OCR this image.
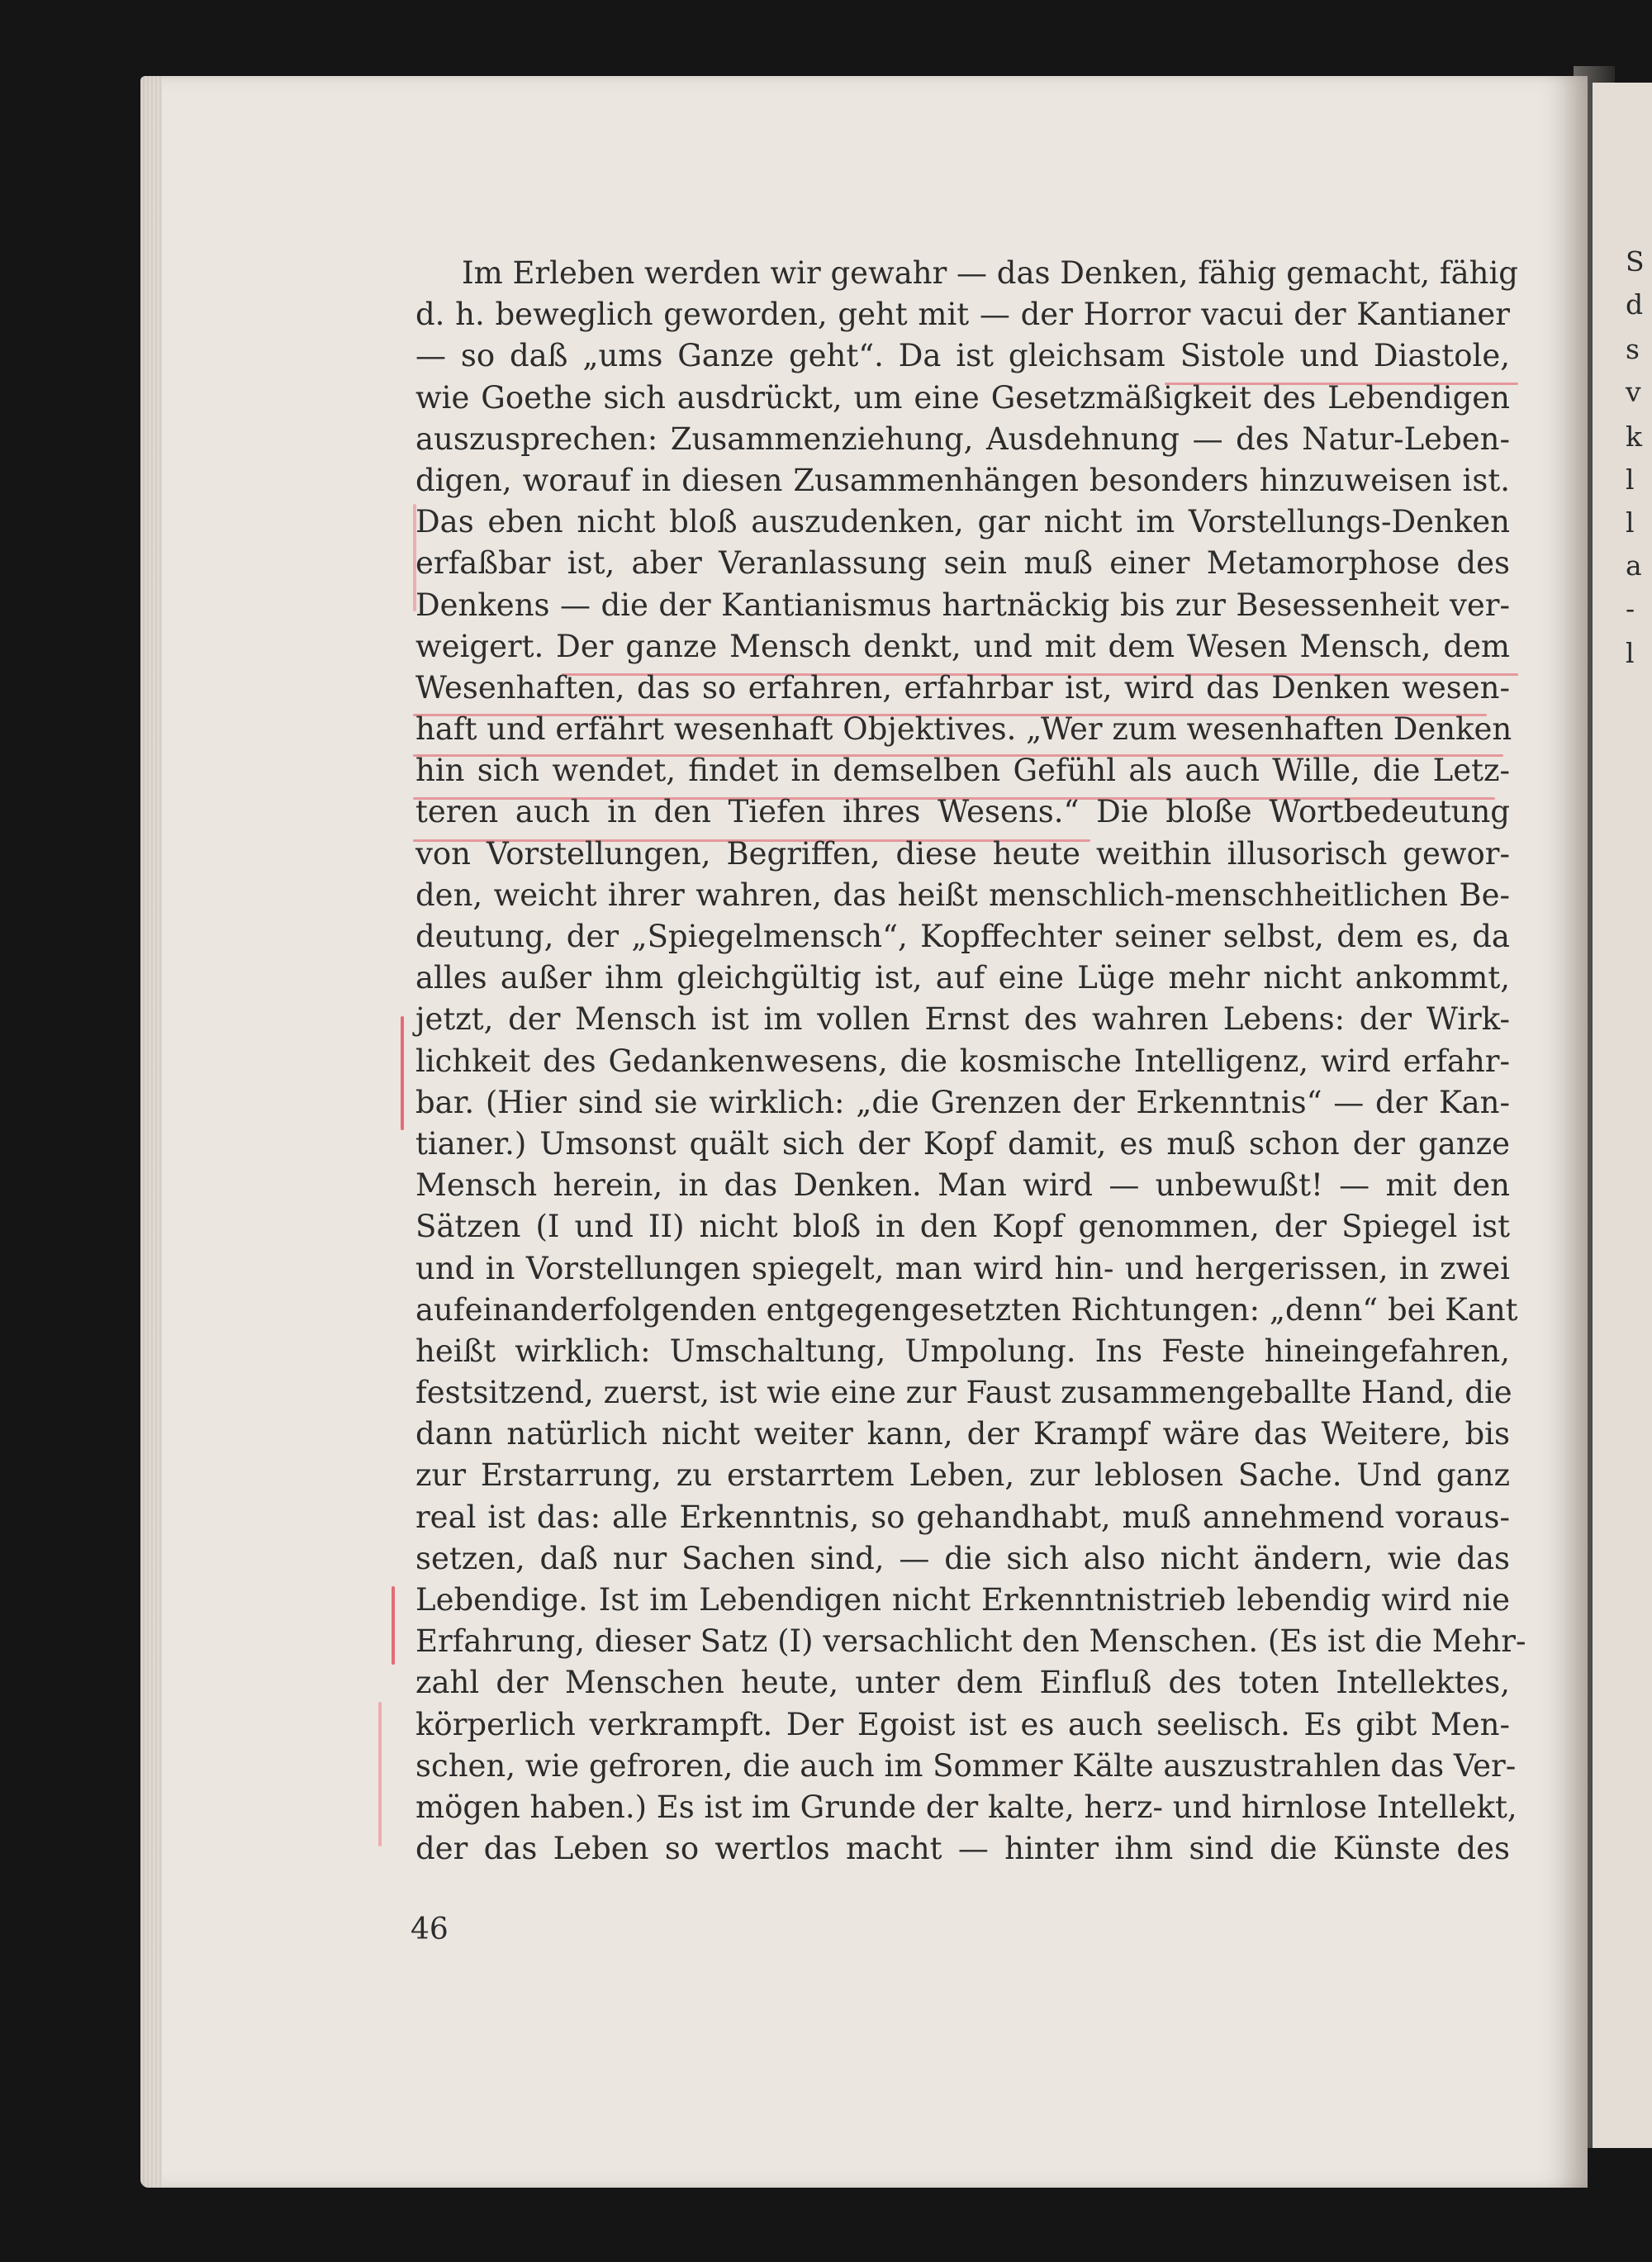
S
d
s
v
k
l
l
a
-
l
Im Erleben werden wir gewahr — das Denken, fähig gemacht, fähig
d. h. beweglich geworden, geht mit — der Horror vacui der Kantianer
— so daß „ums Ganze geht“. Da ist gleichsam Sistole und Diastole,
wie Goethe sich ausdrückt, um eine Gesetzmäßigkeit des Lebendigen
auszusprechen: Zusammenziehung, Ausdehnung — des Natur-Leben-
digen, worauf in diesen Zusammenhängen besonders hinzuweisen ist.
Das eben nicht bloß auszudenken, gar nicht im Vorstellungs-Denken
erfaßbar ist, aber Veranlassung sein muß einer Metamorphose des
Denkens — die der Kantianismus hartnäckig bis zur Besessenheit ver-
weigert. Der ganze Mensch denkt, und mit dem Wesen Mensch, dem
Wesenhaften, das so erfahren, erfahrbar ist, wird das Denken wesen-
haft und erfährt wesenhaft Objektives. „Wer zum wesenhaften Denken
hin sich wendet, findet in demselben Gefühl als auch Wille, die Letz-
teren auch in den Tiefen ihres Wesens.“ Die bloße Wortbedeutung
von Vorstellungen, Begriffen, diese heute weithin illusorisch gewor-
den, weicht ihrer wahren, das heißt menschlich-menschheitlichen Be-
deutung, der „Spiegelmensch“, Kopffechter seiner selbst, dem es, da
alles außer ihm gleichgültig ist, auf eine Lüge mehr nicht ankommt,
jetzt, der Mensch ist im vollen Ernst des wahren Lebens: der Wirk-
lichkeit des Gedankenwesens, die kosmische Intelligenz, wird erfahr-
bar. (Hier sind sie wirklich: „die Grenzen der Erkenntnis“ — der Kan-
tianer.) Umsonst quält sich der Kopf damit, es muß schon der ganze
Mensch herein, in das Denken. Man wird — unbewußt! — mit den
Sätzen (I und II) nicht bloß in den Kopf genommen, der Spiegel ist
und in Vorstellungen spiegelt, man wird hin- und hergerissen, in zwei
aufeinanderfolgenden entgegengesetzten Richtungen: „denn“ bei Kant
heißt wirklich: Umschaltung, Umpolung. Ins Feste hineingefahren,
festsitzend, zuerst, ist wie eine zur Faust zusammengeballte Hand, die
dann natürlich nicht weiter kann, der Krampf wäre das Weitere, bis
zur Erstarrung, zu erstarrtem Leben, zur leblosen Sache. Und ganz
real ist das: alle Erkenntnis, so gehandhabt, muß annehmend voraus-
setzen, daß nur Sachen sind, — die sich also nicht ändern, wie das
Lebendige. Ist im Lebendigen nicht Erkenntnistrieb lebendig wird nie
Erfahrung, dieser Satz (I) versachlicht den Menschen. (Es ist die Mehr-
zahl der Menschen heute, unter dem Einfluß des toten Intellektes,
körperlich verkrampft. Der Egoist ist es auch seelisch. Es gibt Men-
schen, wie gefroren, die auch im Sommer Kälte auszustrahlen das Ver-
mögen haben.) Es ist im Grunde der kalte, herz- und hirnlose Intellekt,
der das Leben so wertlos macht — hinter ihm sind die Künste des
46
